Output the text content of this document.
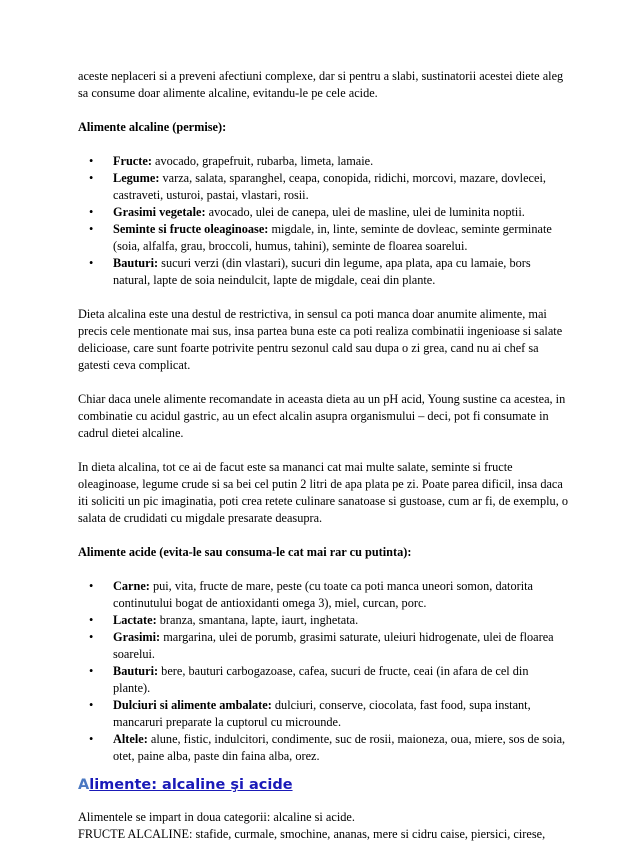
aceste neplaceri si a preveni afectiuni complexe, dar si pentru a slabi, sustinatorii acestei diete aleg sa consume doar alimente alcaline, evitandu-le pe cele acide.

Alimente alcaline (permise):

• Fructe: avocado, grapefruit, rubarba, limeta, lamaie.
• Legume: varza, salata, sparanghel, ceapa, conopida, ridichi, morcovi, mazare, dovlecei, castraveti, usturoi, pastai, vlastari, rosii.
• Grasimi vegetale: avocado, ulei de canepa, ulei de masline, ulei de luminita noptii.
• Seminte si fructe oleaginoase: migdale, in, linte, seminte de dovleac, seminte germinate (soia, alfalfa, grau, broccoli, humus, tahini), seminte de floarea soarelui.
• Bauturi: sucuri verzi (din vlastari), sucuri din legume, apa plata, apa cu lamaie, bors natural, lapte de soia neindulcit, lapte de migdale, ceai din plante.

Dieta alcalina este una destul de restrictiva, in sensul ca poti manca doar anumite alimente, mai precis cele mentionate mai sus, insa partea buna este ca poti realiza combinatii ingenioase si salate delicioase, care sunt foarte potrivite pentru sezonul cald sau dupa o zi grea, cand nu ai chef sa gatesti ceva complicat.

Chiar daca unele alimente recomandate in aceasta dieta au un pH acid, Young sustine ca acestea, in combinatie cu acidul gastric, au un efect alcalin asupra organismului – deci, pot fi consumate in cadrul dietei alcaline.

In dieta alcalina, tot ce ai de facut este sa mananci cat mai multe salate, seminte si fructe oleaginoase, legume crude si sa bei cel putin 2 litri de apa plata pe zi. Poate parea dificil, insa daca iti soliciti un pic imaginatia, poti crea retete culinare sanatoase si gustoase, cum ar fi, de exemplu, o salata de crudidati cu migdale presarate deasupra.

Alimente acide (evita-le sau consuma-le cat mai rar cu putinta):

• Carne: pui, vita, fructe de mare, peste (cu toate ca poti manca uneori somon, datorita continutului bogat de antioxidanti omega 3), miel, curcan, porc.
• Lactate: branza, smantana, lapte, iaurt, inghetata.
• Grasimi: margarina, ulei de porumb, grasimi saturate, uleiuri hidrogenate, ulei de floarea soarelui.
• Bauturi: bere, bauturi carbogazoase, cafea, sucuri de fructe, ceai (in afara de cel din plante).
• Dulciuri si alimente ambalate: dulciuri, conserve, ciocolata, fast food, supa instant, mancaruri preparate la cuptorul cu microunde.
• Altele: alune, fistic, indulcitori, condimente, suc de rosii, maioneza, oua, miere, sos de soia, otet, paine alba, paste din faina alba, orez.
Alimente: alcaline şi acide

Alimentele se impart in doua categorii: alcaline si acide.

FRUCTE ALCALINE: stafide, curmale, smochine, ananas, mere si cidru caise, piersici, cirese,
